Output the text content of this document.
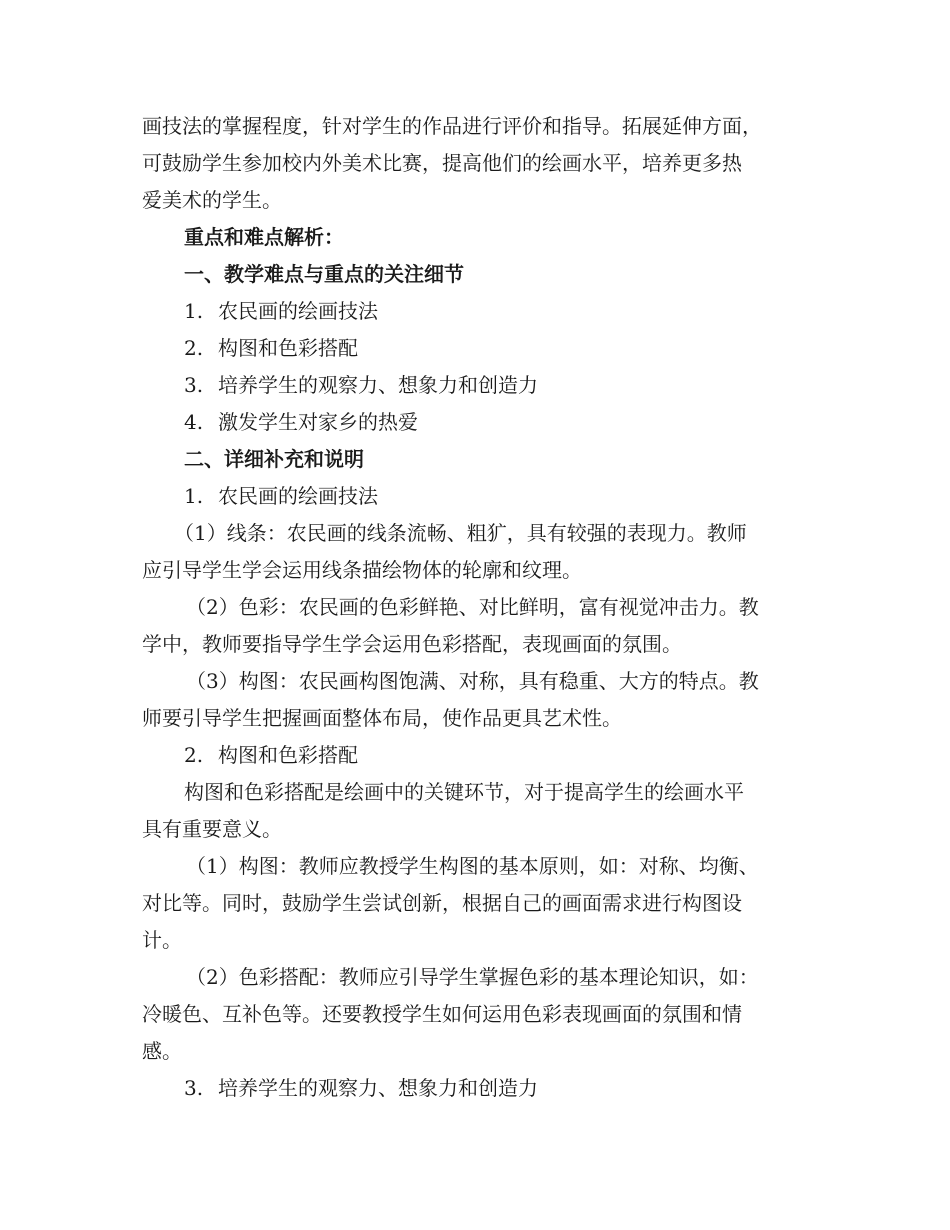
画技法的掌握程度，针对学生的作品进行评价和指导。拓展延伸方面，

可鼓励学生参加校内外美术比赛，提高他们的绘画水平，培养更多热

爱美术的学生。

重点和难点解析：

一、教学难点与重点的关注细节

1. 农民画的绘画技法

2. 构图和色彩搭配

3. 培养学生的观察力、想象力和创造力

4. 激发学生对家乡的热爱

二、详细补充和说明

1. 农民画的绘画技法

（1）线条：农民画的线条流畅、粗犷，具有较强的表现力。教师

应引导学生学会运用线条描绘物体的轮廓和纹理。

（2）色彩：农民画的色彩鲜艳、对比鲜明，富有视觉冲击力。教

学中，教师要指导学生学会运用色彩搭配，表现画面的氛围。

（3）构图：农民画构图饱满、对称，具有稳重、大方的特点。教

师要引导学生把握画面整体布局，使作品更具艺术性。

2. 构图和色彩搭配

构图和色彩搭配是绘画中的关键环节，对于提高学生的绘画水平

具有重要意义。

（1）构图：教师应教授学生构图的基本原则，如：对称、均衡、

对比等。同时，鼓励学生尝试创新，根据自己的画面需求进行构图设

计。

（2）色彩搭配：教师应引导学生掌握色彩的基本理论知识，如：

冷暖色、互补色等。还要教授学生如何运用色彩表现画面的氛围和情

感。

3. 培养学生的观察力、想象力和创造力
